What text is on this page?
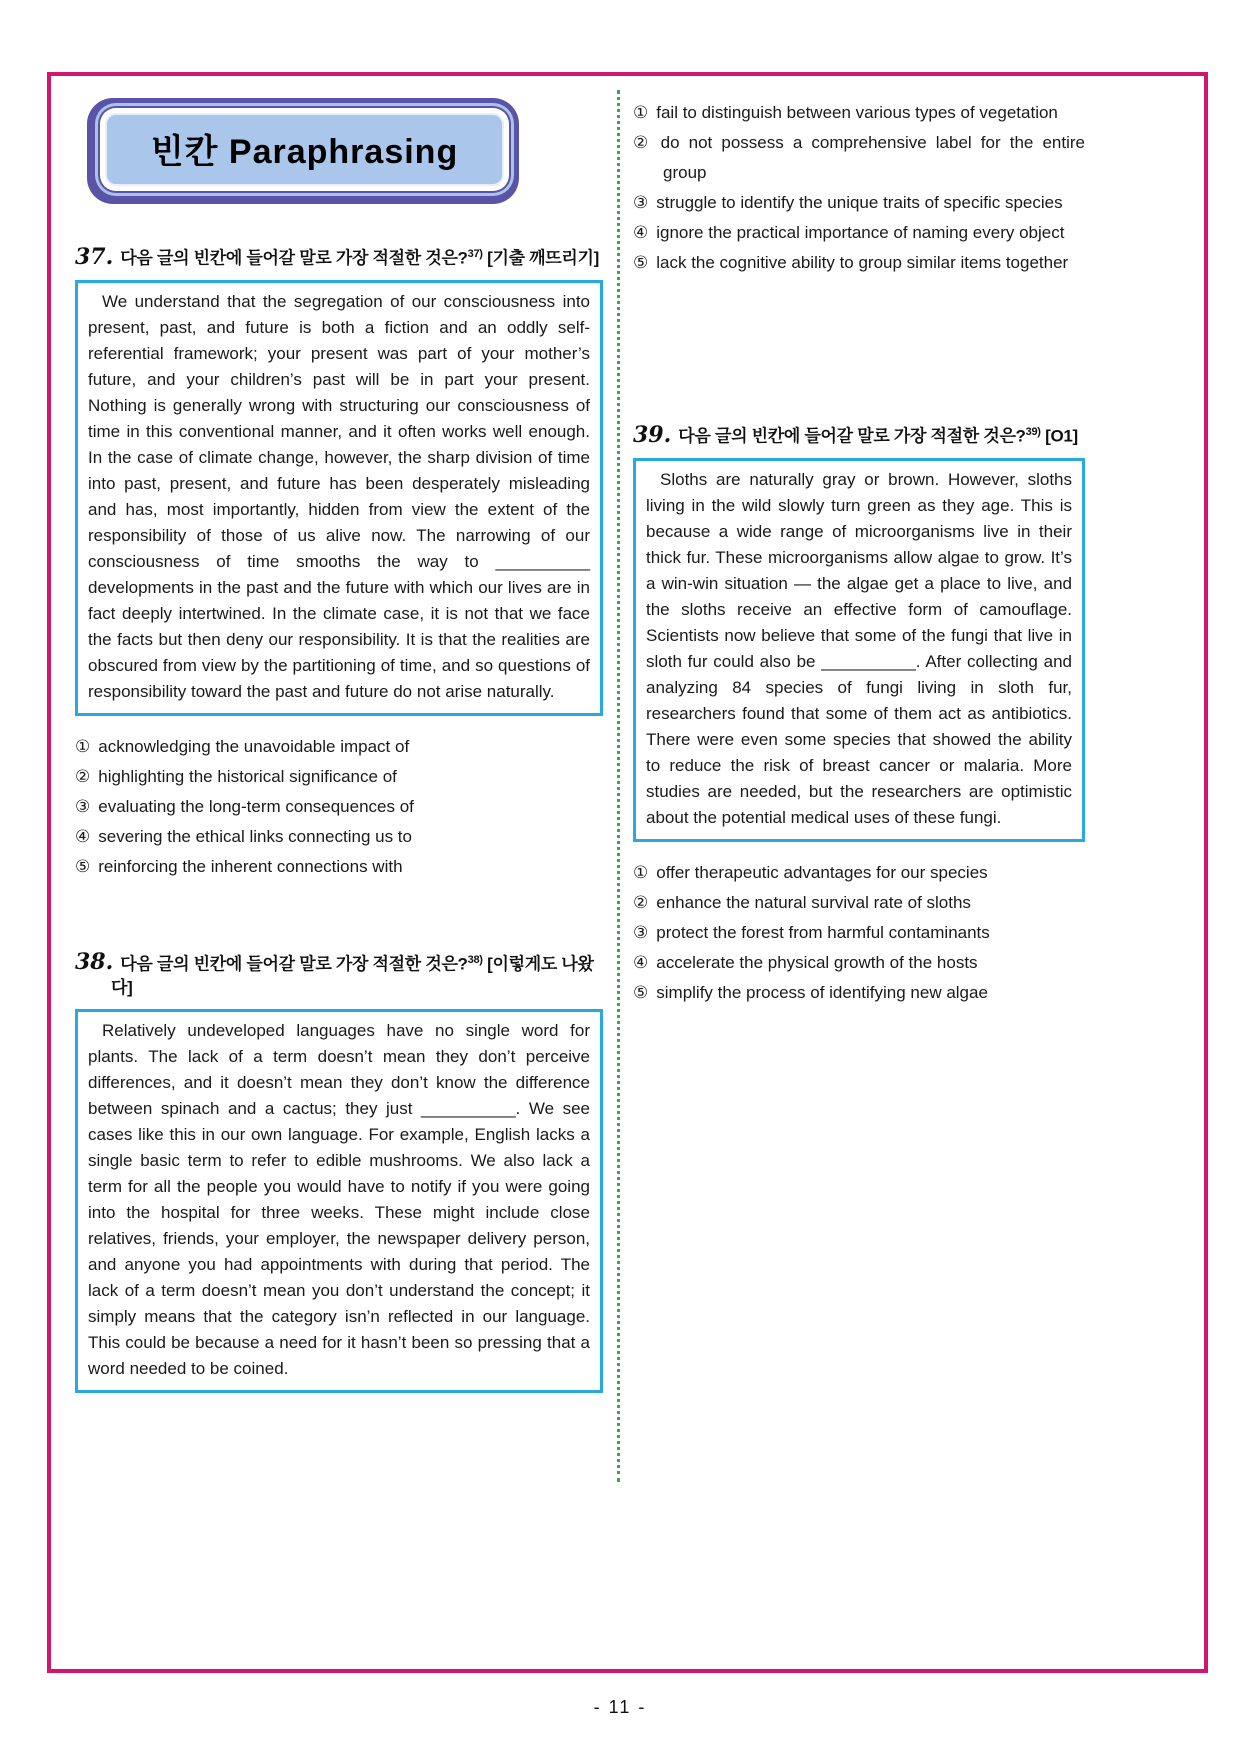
빈칸 Paraphrasing
37. 다음 글의 빈칸에 들어갈 말로 가장 적절한 것은?$^{37)}$ [기출 깨뜨리기]
We understand that the segregation of our consciousness into present, past, and future is both a fiction and an oddly self-referential framework; your present was part of your mother’s future, and your children’s past will be in part your present. Nothing is generally wrong with structuring our consciousness of time in this conventional manner, and it often works well enough. In the case of climate change, however, the sharp division of time into past, present, and future has been desperately misleading and has, most importantly, hidden from view the extent of the responsibility of those of us alive now. The narrowing of our consciousness of time smooths the way to __________ developments in the past and the future with which our lives are in fact deeply intertwined. In the climate case, it is not that we face the facts but then deny our responsibility. It is that the realities are obscured from view by the partitioning of time, and so questions of responsibility toward the past and future do not arise naturally.

① acknowledging the unavoidable impact of

② highlighting the historical significance of

③ evaluating the long-term consequences of

④ severing the ethical links connecting us to

⑤ reinforcing the inherent connections with

38. 다음 글의 빈칸에 들어갈 말로 가장 적절한 것은?$^{38)}$ [이렇게도 나왔다]
Relatively undeveloped languages have no single word for plants. The lack of a term doesn’t mean they don’t perceive differences, and it doesn’t mean they don’t know the difference between spinach and a cactus; they just __________. We see cases like this in our own language. For example, English lacks a single basic term to refer to edible mushrooms. We also lack a term for all the people you would have to notify if you were going into the hospital for three weeks. These might include close relatives, friends, your employer, the newspaper delivery person, and anyone you had appointments with during that period. The lack of a term doesn’t mean you don’t understand the concept; it simply means that the category isn’n reflected in our language. This could be because a need for it hasn’t been so pressing that a word needed to be coined.

① fail to distinguish between various types of vegetation

② do not possess a comprehensive label for the entire group

③ struggle to identify the unique traits of specific species

④ ignore the practical importance of naming every object

⑤ lack the cognitive ability to group similar items together

39. 다음 글의 빈칸에 들어갈 말로 가장 적절한 것은?$^{39)}$ [O1]
Sloths are naturally gray or brown. However, sloths living in the wild slowly turn green as they age. This is because a wide range of microorganisms live in their thick fur. These microorganisms allow algae to grow. It’s a win-win situation — the algae get a place to live, and the sloths receive an effective form of camouflage. Scientists now believe that some of the fungi that live in sloth fur could also be __________. After collecting and analyzing 84 species of fungi living in sloth fur, researchers found that some of them act as antibiotics. There were even some species that showed the ability to reduce the risk of breast cancer or malaria. More studies are needed, but the researchers are optimistic about the potential medical uses of these fungi.

① offer therapeutic advantages for our species

② enhance the natural survival rate of sloths

③ protect the forest from harmful contaminants

④ accelerate the physical growth of the hosts

⑤ simplify the process of identifying new algae

- 11 -
